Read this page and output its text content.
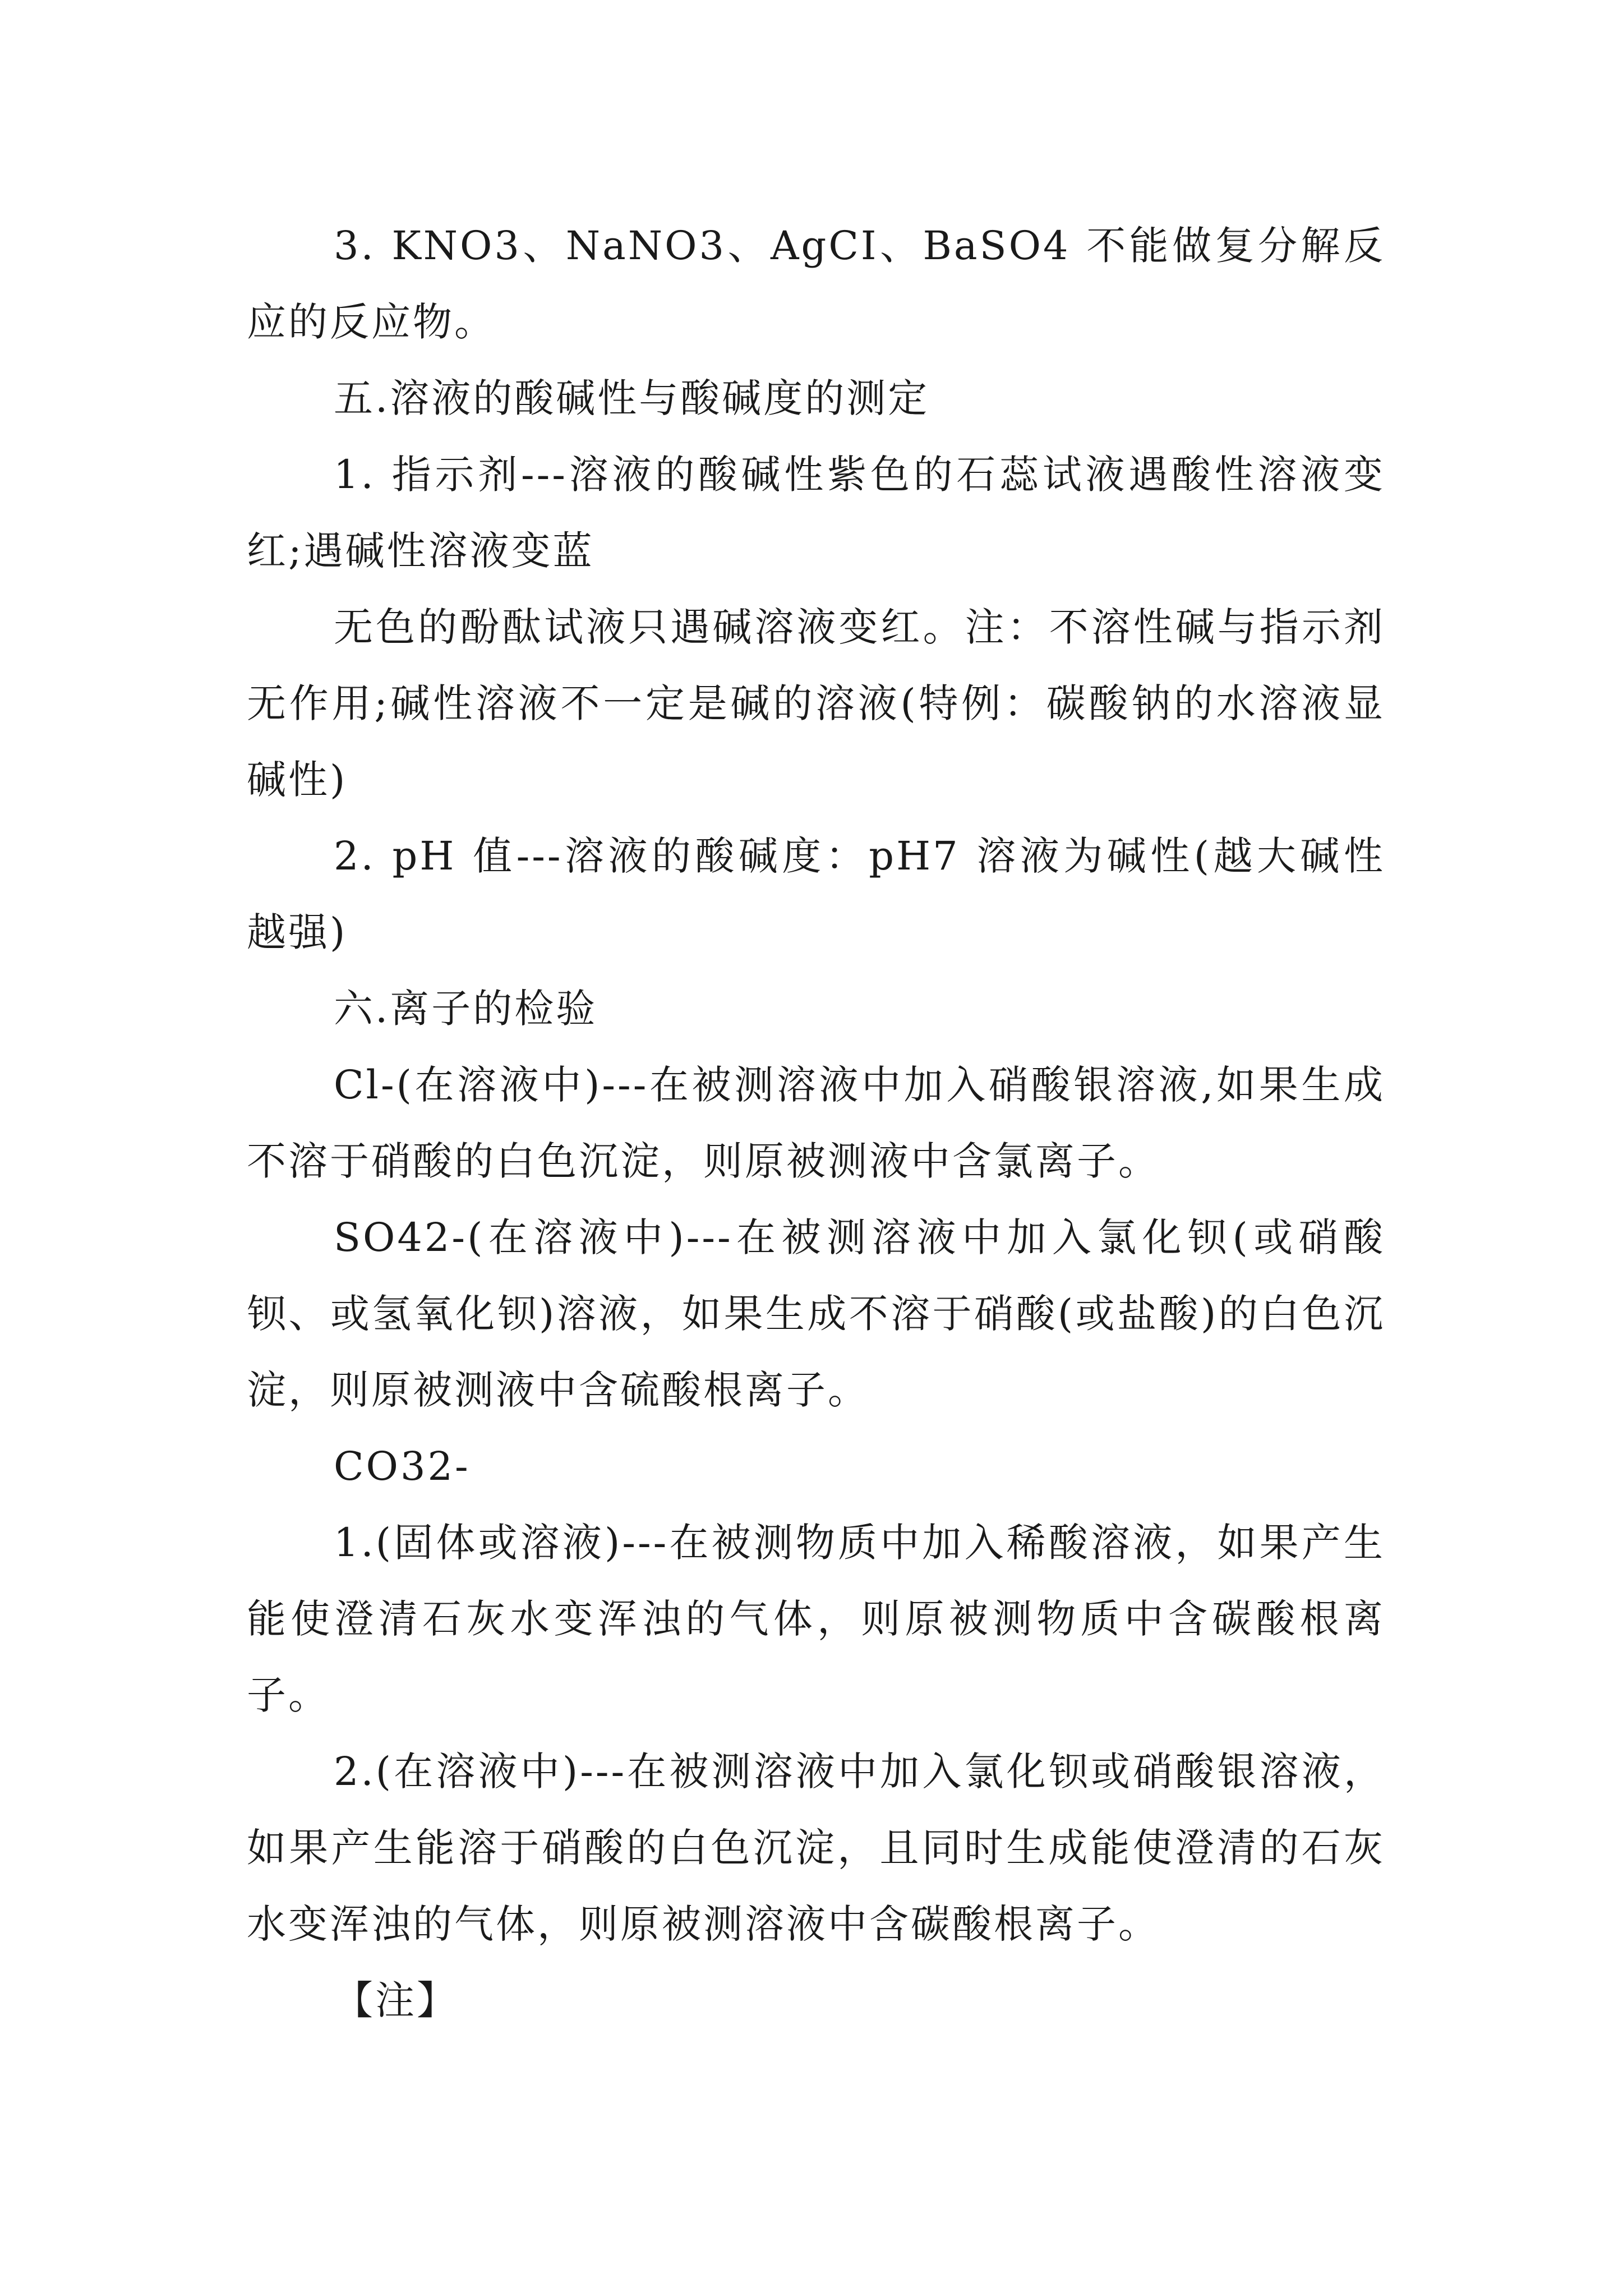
3. KNO3、NaNO3、AgCI、BaSO4 不能做复分解反应的反应物。

五.溶液的酸碱性与酸碱度的测定

1. 指示剂---溶液的酸碱性紫色的石蕊试液遇酸性溶液变红;遇碱性溶液变蓝

无色的酚酞试液只遇碱溶液变红。注：不溶性碱与指示剂无作用;碱性溶液不一定是碱的溶液(特例：碳酸钠的水溶液显碱性)

2. pH 值---溶液的酸碱度：pH7 溶液为碱性(越大碱性越强)

六.离子的检验

Cl-(在溶液中)---在被测溶液中加入硝酸银溶液,如果生成不溶于硝酸的白色沉淀，则原被测液中含氯离子。

SO42-(在溶液中)---在被测溶液中加入氯化钡(或硝酸钡、或氢氧化钡)溶液，如果生成不溶于硝酸(或盐酸)的白色沉淀，则原被测液中含硫酸根离子。

CO32-

1.(固体或溶液)---在被测物质中加入稀酸溶液，如果产生能使澄清石灰水变浑浊的气体，则原被测物质中含碳酸根离子。

2.(在溶液中)---在被测溶液中加入氯化钡或硝酸银溶液，如果产生能溶于硝酸的白色沉淀，且同时生成能使澄清的石灰水变浑浊的气体，则原被测溶液中含碳酸根离子。

【注】
